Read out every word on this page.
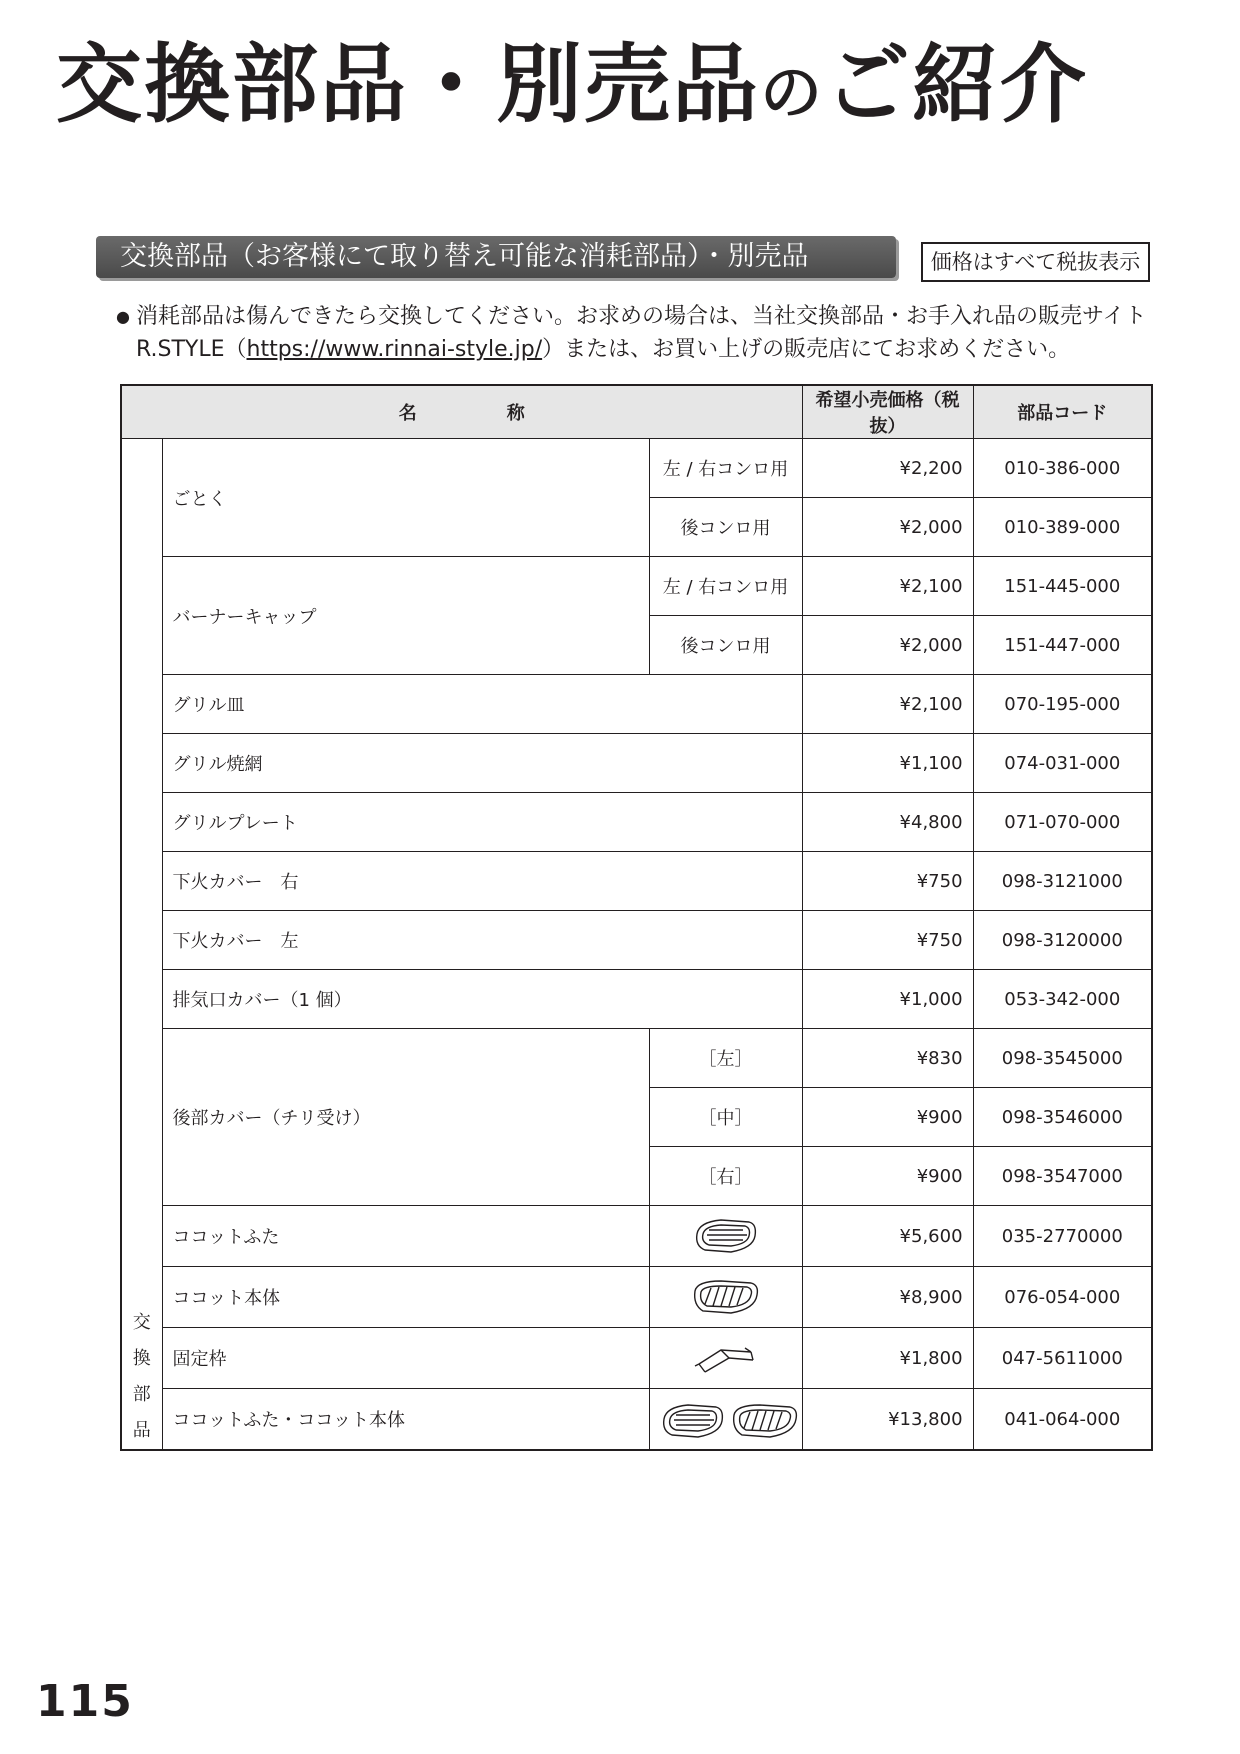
交換部品・別売品のご紹介
交換部品（お客様にて取り替え可能な消耗部品）・別売品	価格はすべて税抜表示
● 消耗部品は傷んできたら交換してください。お求めの場合は、当社交換部品・お手入れ品の販売サイト
R.STYLE（https://www.rinnai-style.jp/）または、お買い上げの販売店にてお求めください。
名　　　　　称			希望小売価格（税抜）	部品コード

交
換
部
品	ごとく	左 / 右コンロ用	¥2,200	010-386-000
		後コンロ用	¥2,000	010-389-000
	バーナーキャップ	左 / 右コンロ用	¥2,100	151-445-000
		後コンロ用	¥2,000	151-447-000
	グリル皿		¥2,100	070-195-000
	グリル焼網		¥1,100	074-031-000
	グリルプレート		¥4,800	071-070-000
	下火カバー　右		¥750	098-3121000
	下火カバー　左		¥750	098-3120000
	排気口カバー（1 個）		¥1,000	053-342-000
	後部カバー（チリ受け）	［左］	¥830	098-3545000
		［中］	¥900	098-3546000
		［右］	¥900	098-3547000
	ココットふた		¥5,600	035-2770000
	ココット本体		¥8,900	076-054-000
	固定枠		¥1,800	047-5611000
	ココットふた・ココット本体		¥13,800	041-064-000
115
